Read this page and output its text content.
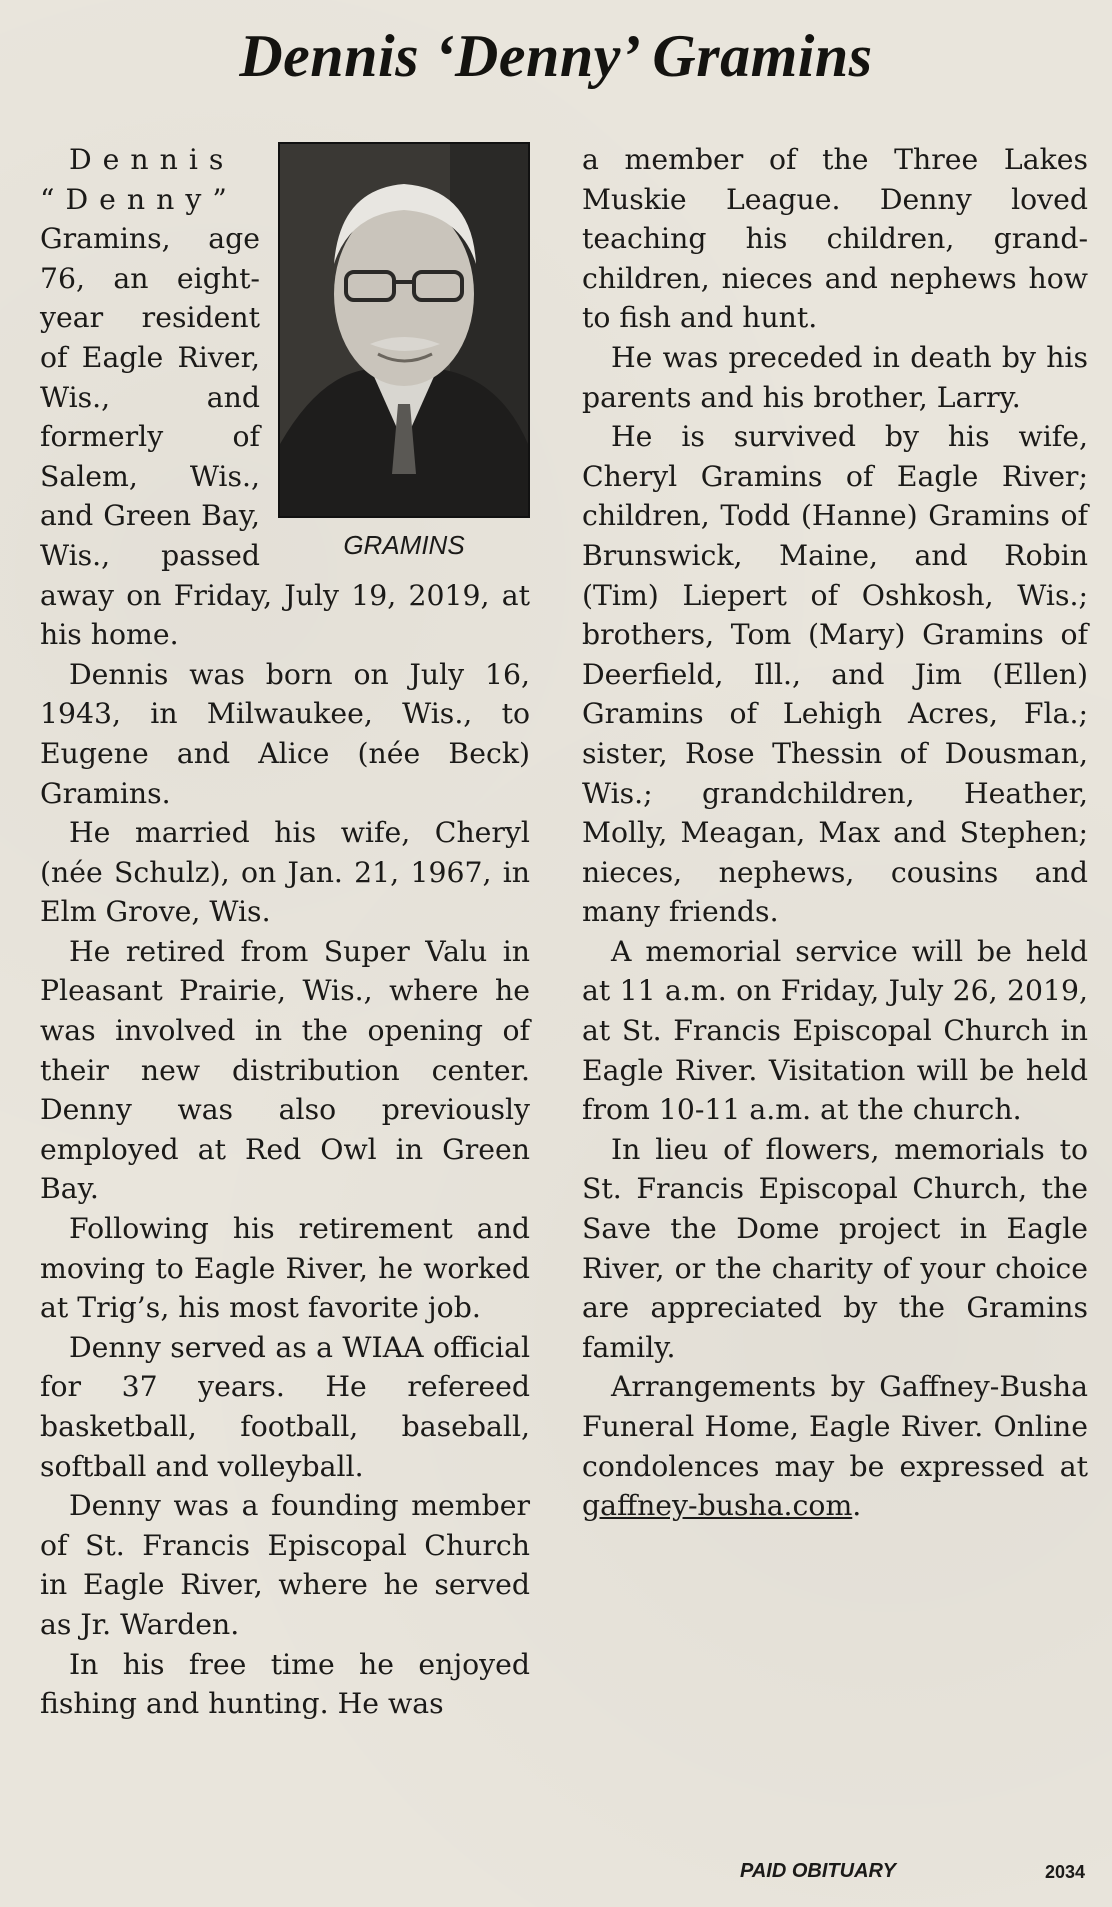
Dennis ‘Denny’ Gramins
GRAMINS

Dennis “Denny” Gramins, age 76, an eight-year resident of Eagle River, Wis., and formerly of Salem, Wis., and Green Bay, Wis., passed away on Friday, July 19, 2019, at his home.

Dennis was born on July 16, 1943, in Milwaukee, Wis., to Eugene and Alice (née Beck) Gramins.

He married his wife, Cheryl (née Schulz), on Jan. 21, 1967, in Elm Grove, Wis.

He retired from Super Valu in Pleasant Prairie, Wis., where he was involved in the opening of their new distribution center. Denny was also previously employed at Red Owl in Green Bay.

Following his retirement and moving to Eagle River, he worked at Trig’s, his most favorite job.

Denny served as a WIAA official for 37 years. He refereed basketball, football, baseball, softball and volleyball.

Denny was a founding member of St. Francis Episcopal Church in Eagle River, where he served as Jr. Warden.

In his free time he enjoyed fishing and hunting. He was

a member of the Three Lakes Muskie League. Denny loved teaching his children, grandchildren, nieces and nephews how to fish and hunt.

He was preceded in death by his parents and his brother, Larry.

He is survived by his wife, Cheryl Gramins of Eagle River; children, Todd (Hanne) Gramins of Brunswick, Maine, and Robin (Tim) Liepert of Oshkosh, Wis.; brothers, Tom (Mary) Gramins of Deerfield, Ill., and Jim (Ellen) Gramins of Lehigh Acres, Fla.; sister, Rose Thessin of Dousman, Wis.; grandchildren, Heather, Molly, Meagan, Max and Stephen; nieces, nephews, cousins and many friends.

A memorial service will be held at 11 a.m. on Friday, July 26, 2019, at St. Francis Episcopal Church in Eagle River. Visitation will be held from 10-11 a.m. at the church.

In lieu of flowers, memorials to St. Francis Episcopal Church, the Save the Dome project in Eagle River, or the charity of your choice are appreciated by the Gramins family.

Arrangements by Gaffney-Busha Funeral Home, Eagle River. Online condolences may be expressed at gaffney-busha.com.

PAID OBITUARY	2034
